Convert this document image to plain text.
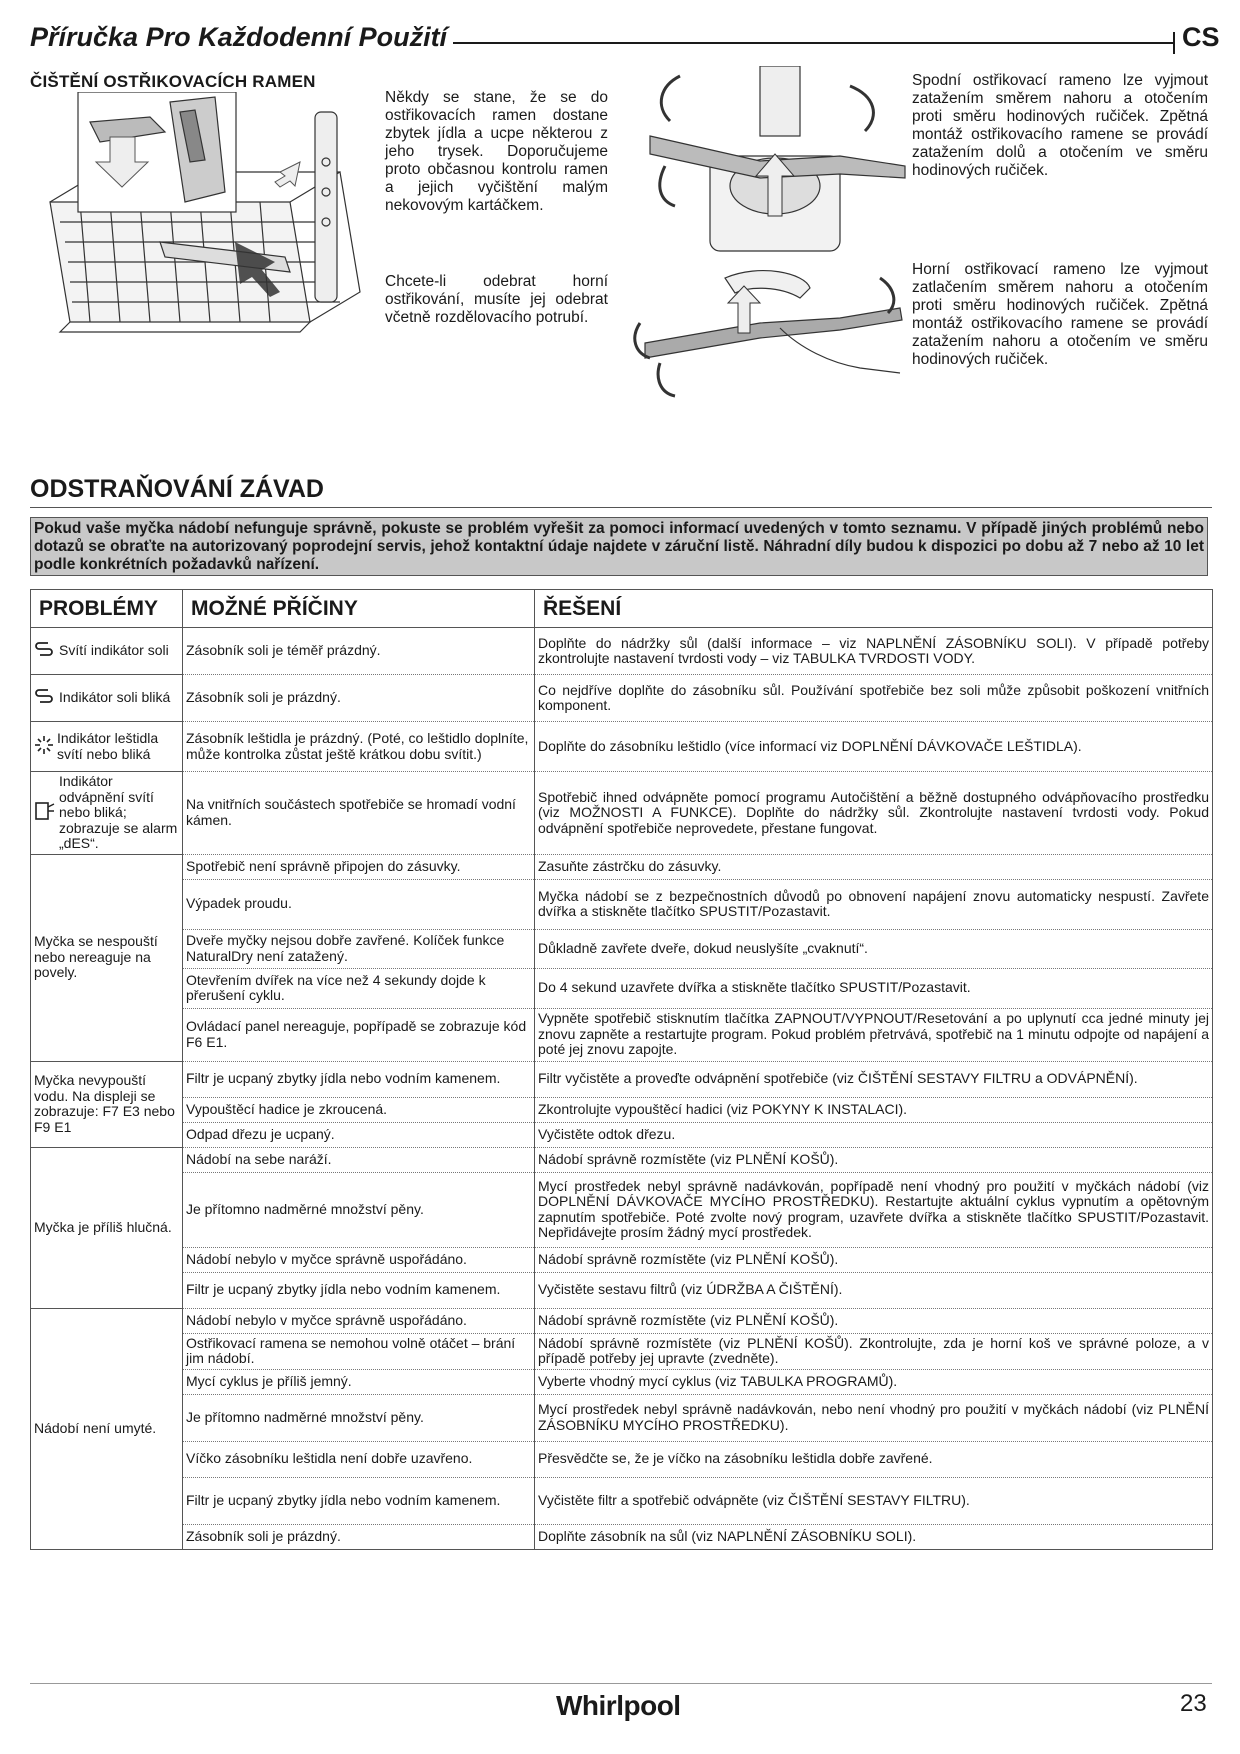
Příručka Pro Každodenní Použití	CS
ČIŠTĚNÍ OSTŘIKOVACÍCH RAMEN
Někdy se stane, že se do ostřikovacích ramen dostane zbytek jídla a ucpe některou z jeho trysek. Doporučujeme proto občasnou kontrolu ramen a jejich vyčištění malým nekovovým kartáčkem.
Chcete-li odebrat horní ostřikování, musíte jej odebrat včetně rozdělovacího potrubí.
Spodní ostřikovací rameno lze vyjmout zatažením směrem nahoru a otočením proti směru hodinových ručiček. Zpětná montáž ostřikovacího ramene se provádí zatažením dolů a otočením ve směru hodinových ručiček.
Horní ostřikovací rameno lze vyjmout zatlačením směrem nahoru a otočením proti směru hodinových ručiček. Zpětná montáž ostřikovacího ramene se provádí zatažením nahoru a otočením ve směru hodinových ručiček.
ODSTRAŇOVÁNÍ ZÁVAD
Pokud vaše myčka nádobí nefunguje správně, pokuste se problém vyřešit za pomoci informací uvedených v tomto seznamu. V případě jiných problémů nebo dotazů se obraťte na autorizovaný poprodejní servis, jehož kontaktní údaje najdete v záruční listě. Náhradní díly budou k dispozici po dobu až 7 nebo až 10 let podle konkrétních požadavků nařízení.
PROBLÉMY	MOŽNÉ PŘÍČINY	ŘEŠENÍ

Svítí indikátor soli	Zásobník soli je téměř prázdný.	Doplňte do nádržky sůl (další informace – viz NAPLNĚNÍ ZÁSOBNÍKU SOLI). V případě potřeby zkontrolujte nastavení tvrdosti vody – viz TABULKA TVRDOSTI VODY.

Indikátor soli bliká	Zásobník soli je prázdný.	Co nejdříve doplňte do zásobníku sůl. Používání spotřebiče bez soli může způsobit poškození vnitřních komponent.

Indikátor leštidla svítí nebo bliká	Zásobník leštidla je prázdný. (Poté, co leštidlo doplníte, může kontrolka zůstat ještě krátkou dobu svítit.)	Doplňte do zásobníku leštidlo (více informací viz DOPLNĚNÍ DÁVKOVAČE LEŠTIDLA).

Indikátor odvápnění svítí nebo bliká; zobrazuje se alarm „dES“.	Na vnitřních součástech spotřebiče se hromadí vodní kámen.	Spotřebič ihned odvápněte pomocí programu Autočištění a běžně dostupného odvápňovacího prostředku (viz MOŽNOSTI A FUNKCE). Doplňte do nádržky sůl. Zkontrolujte nastavení tvrdosti vody. Pokud odvápnění spotřebiče neprovedete, přestane fungovat.

Myčka se nespouští nebo nereaguje na povely.	Spotřebič není správně připojen do zásuvky.	Zasuňte zástrčku do zásuvky.
	Výpadek proudu.	Myčka nádobí se z bezpečnostních důvodů po obnovení napájení znovu automaticky nespustí. Zavřete dvířka a stiskněte tlačítko SPUSTIT/Pozastavit.
	Dveře myčky nejsou dobře zavřené. Kolíček funkce NaturalDry není zatažený.	Důkladně zavřete dveře, dokud neuslyšíte „cvaknutí“.
	Otevřením dvířek na více než 4 sekundy dojde k přerušení cyklu.	Do 4 sekund uzavřete dvířka a stiskněte tlačítko SPUSTIT/Pozastavit.
	Ovládací panel nereaguje, popřípadě se zobrazuje kód F6 E1.	Vypněte spotřebič stisknutím tlačítka ZAPNOUT/VYPNOUT/Resetování a po uplynutí cca jedné minuty jej znovu zapněte a restartujte program. Pokud problém přetrvává, spotřebič na 1 minutu odpojte od napájení a poté jej znovu zapojte.

Myčka nevypouští vodu. Na displeji se zobrazuje: F7 E3 nebo F9 E1	Filtr je ucpaný zbytky jídla nebo vodním kamenem.	Filtr vyčistěte a proveďte odvápnění spotřebiče (viz ČIŠTĚNÍ SESTAVY FILTRU a ODVÁPNĚNÍ).
	Vypouštěcí hadice je zkroucená.	Zkontrolujte vypouštěcí hadici (viz POKYNY K INSTALACI).
	Odpad dřezu je ucpaný.	Vyčistěte odtok dřezu.

Myčka je příliš hlučná.	Nádobí na sebe naráží.	Nádobí správně rozmístěte (viz PLNĚNÍ KOŠŮ).
	Je přítomno nadměrné množství pěny.	Mycí prostředek nebyl správně nadávkován, popřípadě není vhodný pro použití v myčkách nádobí (viz DOPLNĚNÍ DÁVKOVAČE MYCÍHO PROSTŘEDKU). Restartujte aktuální cyklus vypnutím a opětovným zapnutím spotřebiče. Poté zvolte nový program, uzavřete dvířka a stiskněte tlačítko SPUSTIT/Pozastavit. Nepřidávejte prosím žádný mycí prostředek.
	Nádobí nebylo v myčce správně uspořádáno.	Nádobí správně rozmístěte (viz PLNĚNÍ KOŠŮ).
	Filtr je ucpaný zbytky jídla nebo vodním kamenem.	Vyčistěte sestavu filtrů (viz ÚDRŽBA A ČIŠTĚNÍ).

Nádobí není umyté.	Nádobí nebylo v myčce správně uspořádáno.	Nádobí správně rozmístěte (viz PLNĚNÍ KOŠŮ).
	Ostřikovací ramena se nemohou volně otáčet – brání jim nádobí.	Nádobí správně rozmístěte (viz PLNĚNÍ KOŠŮ). Zkontrolujte, zda je horní koš ve správné poloze, a v případě potřeby jej upravte (zvedněte).
	Mycí cyklus je příliš jemný.	Vyberte vhodný mycí cyklus (viz TABULKA PROGRAMŮ).
	Je přítomno nadměrné množství pěny.	Mycí prostředek nebyl správně nadávkován, nebo není vhodný pro použití v myčkách nádobí (viz PLNĚNÍ ZÁSOBNÍKU MYCÍHO PROSTŘEDKU).
	Víčko zásobníku leštidla není dobře uzavřeno.	Přesvědčte se, že je víčko na zásobníku leštidla dobře zavřené.
	Filtr je ucpaný zbytky jídla nebo vodním kamenem.	Vyčistěte filtr a spotřebič odvápněte (viz ČIŠTĚNÍ SESTAVY FILTRU).
	Zásobník soli je prázdný.	Doplňte zásobník na sůl (viz NAPLNĚNÍ ZÁSOBNÍKU SOLI).
Whirlpool	23
